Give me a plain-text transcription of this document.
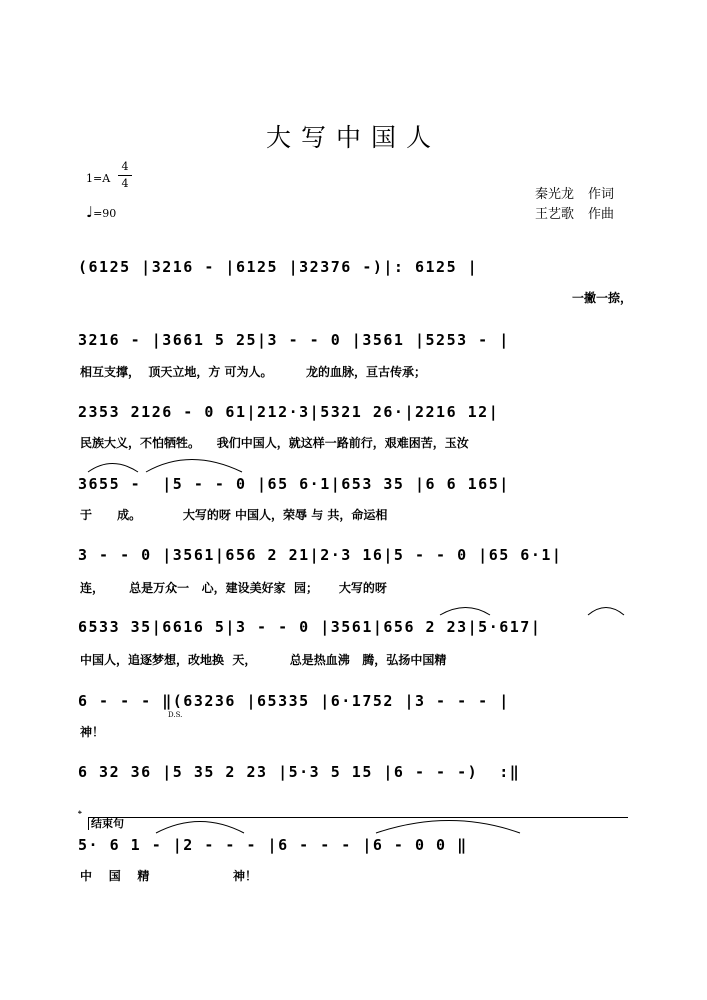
大写中国人
1=A
4
4
♩=90
秦光龙 作词
王艺歌 作曲
(6125 |3216 - |6125 |32376 -)|: 6125 |
一撇一捺，
3216 - |3661 5 25|3 - - 0 |3561 |5253 - |
相互支撑，  顶天立地，方 可为人。        龙的血脉，亘古传承；
2353 2126 - 0 61|212·3|5321 26·|2216 12|
民族大义，不怕牺牲。    我们中国人，就这样一路前行，艰难困苦，玉汝
3655 -  |5 - - 0 |65 6·1|653 35 |6 6 165|
于      成。          大写的呀 中国人，荣辱 与 共，命运相
3 - - 0 |3561|656 2 21|2·3 16|5 - - 0 |65 6·1|
连，      总是万众一   心，建设美好家  园；     大写的呀
6533 35|6616 5|3 - - 0 |3561|656 2 23|5·617|
中国人，追逐梦想，改地换  天，        总是热血沸   腾，弘扬中国精
6 - - - ‖(63236 |65335 |6·1752 |3 - - - |
D.S.
神！
6 32 36 |5 35 2 23 |5·3 5 15 |6 - - -)  :‖
𝄌
结束句
5· 6 1 - |2 - - - |6 - - - |6 - 0 0 ‖
中    国    精                    神！
